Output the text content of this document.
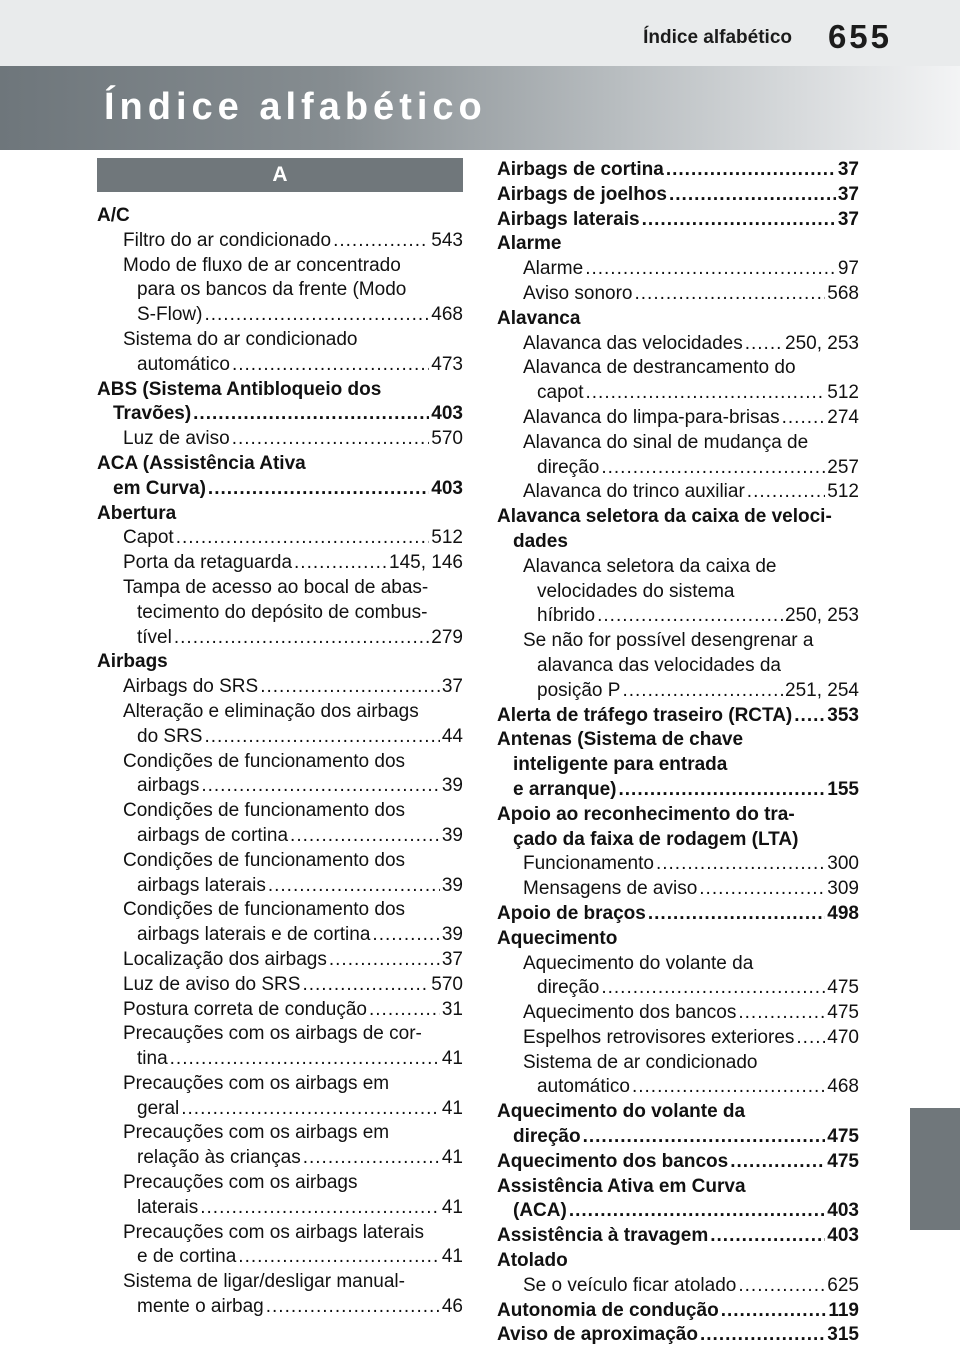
Índice alfabético 655
Índice alfabético
A
A/C
Filtro do ar condicionado .....	543
Modo de fluxo de ar concentrado
para os bancos da frente (Modo
S-Flow) .....	468
Sistema do ar condicionado
automático .....	473
ABS (Sistema Antibloqueio dos
Travões) .....	403
Luz de aviso .....	570
ACA (Assistência Ativa
em Curva) .....	403
Abertura
Capot .....	512
Porta da retaguarda .....	145, 146
Tampa de acesso ao bocal de abas-
tecimento do depósito de combus-
tível .....	279
Airbags
Airbags do SRS .....	37
Alteração e eliminação dos airbags
do SRS .....	44
Condições de funcionamento dos
airbags .....	39
Condições de funcionamento dos
airbags de cortina .....	39
Condições de funcionamento dos
airbags laterais .....	39
Condições de funcionamento dos
airbags laterais e de cortina .....	39
Localização dos airbags .....	37
Luz de aviso do SRS .....	570
Postura correta de condução .....	31
Precauções com os airbags de cor-
tina .....	41
Precauções com os airbags em
geral .....	41
Precauções com os airbags em
relação às crianças .....	41
Precauções com os airbags
laterais .....	41
Precauções com os airbags laterais
e de cortina .....	41
Sistema de ligar/desligar manual-
mente o airbag .....	46
Airbags de cortina .....	37
Airbags de joelhos .....	37
Airbags laterais .....	37
Alarme
Alarme .....	97
Aviso sonoro .....	568
Alavanca
Alavanca das velocidades ..... 250, 253
Alavanca de destrancamento do
capot .....	512
Alavanca do limpa-para-brisas .....	274
Alavanca do sinal de mudança de
direção .....	257
Alavanca do trinco auxiliar .....	512
Alavanca seletora da caixa de veloci-
dades
Alavanca seletora da caixa de
velocidades do sistema
híbrido .....	250, 253
Se não for possível desengrenar a
alavanca das velocidades da
posição P .....	251, 254
Alerta de tráfego traseiro (RCTA) ..... 353
Antenas (Sistema de chave
inteligente para entrada
e arranque) .....	155
Apoio ao reconhecimento do tra-
çado da faixa de rodagem (LTA)
Funcionamento .....	300
Mensagens de aviso .....	309
Apoio de braços .....	498
Aquecimento
Aquecimento do volante da
direção .....	475
Aquecimento dos bancos .....	475
Espelhos retrovisores exteriores ..... 470
Sistema de ar condicionado
automático .....	468
Aquecimento do volante da
direção .....	475
Aquecimento dos bancos .....	475
Assistência Ativa em Curva
(ACA) .....	403
Assistência à travagem .....	403
Atolado
Se o veículo ficar atolado .....	625
Autonomia de condução .....	119
Aviso de aproximação .....	315
